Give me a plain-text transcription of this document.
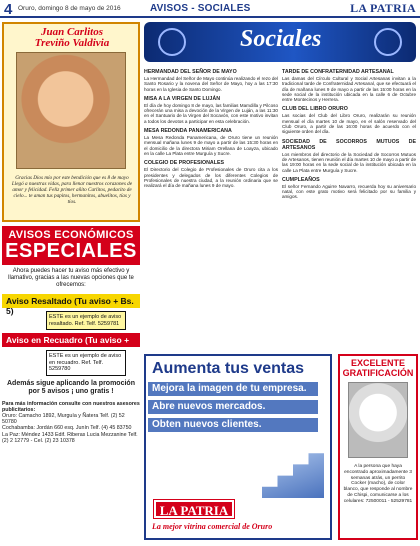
4 Oruro, domingo 8 de mayo de 2016	AVISOS - SOCIALES	LA PATRIA
Juan Carlitos
Treviño Valdivia
Gracias Dios mío por este bendición que es 8 de mayo Llegó a nuestras vidas, para llenar nuestros corazones de amor y felicidad. Feliz primer añito Carlitos, pedacito de cielo... te aman tus papitos, hermanitos, abuelitos, tías y tíos.
AVISOS ECONÓMICOS
ESPECIALES
Ahora puedes hacer tu aviso más efectivo y llamativo, gracias a las nuevas opciones que te ofrecemos:
Aviso Resaltado (Tu aviso + Bs. 5)
ESTE es un ejemplo de aviso resaltado. Ref. Telf. 5259781
Aviso en Recuadro (Tu aviso + Bs.15)
ESTE es un ejemplo de aviso en recuadro. Ref. Telf. 5259780
Además sigue aplicando la promoción por 5 avisos ¡ uno gratis !
Para más información consulte con nuestros asesores publicitarios:
Oruro: Camacho 1892, Murguía y Ñatera Telf. (2) 52 50780
Cochabamba: Jordán 660 esq. Junín Telf. (4) 45 83750
La Paz: Méndez 1433 Edif. Riberas Lucia Mezzanine Telf. (2) 2 12779 - Cel. (2) 23 10378
Sociales
HERMANDAD DEL SEÑOR DE MAYO

La Hermandad del Señor de Mayo continúa realizando el rezo del Santo Rosario y la novena del Señor de Mayo, hoy a las 17:30 horas en la Iglesia de Santo Domingo.

MISA A LA VIRGEN DE LUJÁN

El día de hoy domingo 8 de mayo, las familias Mamdilla y Pilcoso ofrecerán una misa a devoción de la Virgen de Luján, a las 11:30 en el Santuario de la Virgen del Socavón, con este motivo invitan a todos los devotos a participar en esta celebración.

MESA REDONDA PANAMERICANA

La Mesa Redonda Panamericana, de Oruro tiene un reunión mensual mañana lunes 9 de mayo a partir de las 15:30 horas en el domicilio de la directora Miriam Orellana de Loayza, ubicado en la calle La Plata entre Murguía y Sucre.

COLEGIO DE PROFESIONALES

El Directorio del Colegio de Profesionales de Oruro cita a los presidentes y delegados de los diferentes Colegios de Profesionales de nuestra ciudad, a la reunión ordinaria que se realizará el día de mañana lunes 9 de mayo.

TARDE DE CONFRATERNIDAD ARTESANAL

Las damas del Círculo Cultural y Social Artesanas invitan a la tradicional tarde de Confraternidad Artesanal, que se efectuará el día de mañana lunes 9 de mayo a partir de las 15:00 horas en la sede social de la institución ubicada en la calle 6 de Octubre entre Montecinos y Herrera.

CLUB DEL LIBRO ORURO

Las socias del Club del Libro Oruro, realizarán su reunión mensual el día martes 10 de mayo, en el salón reservado del Club Oruro, a partir de las 16:00 horas de acuerdo con el siguiente orden del día.

SOCIEDAD DE SOCORROS MUTUOS DE ARTESANOS

Los miembros del directorio de la Sociedad de Socorros Mutuos de Artesanos, tienen reunión el día martes 10 de mayo a partir de las 19:00 horas en la sede social de la institución ubicada en la calle La Plata entre Murguía y Sucre.

CUMPLEAÑOS

El señor Fernando Aguirre Navarro, recuerda hoy su aniversario natal, con este grato motivo será felicitado por su familia y amigos.

Aumenta tus ventas
Mejora la imagen de tu empresa.
Abre nuevos mercados.
Obten nuevos clientes.
LA PATRIA
La mejor vitrina comercial de Oruro
EXCELENTE GRATIFICACIÓN
A la persona que haya encontrado aproximadamente 3 semanas atrás, un perrito Cocker (macho), de color blanco, que responde al nombre de Chispi, comunicarse a los celulares: 72500011 - 52529781
